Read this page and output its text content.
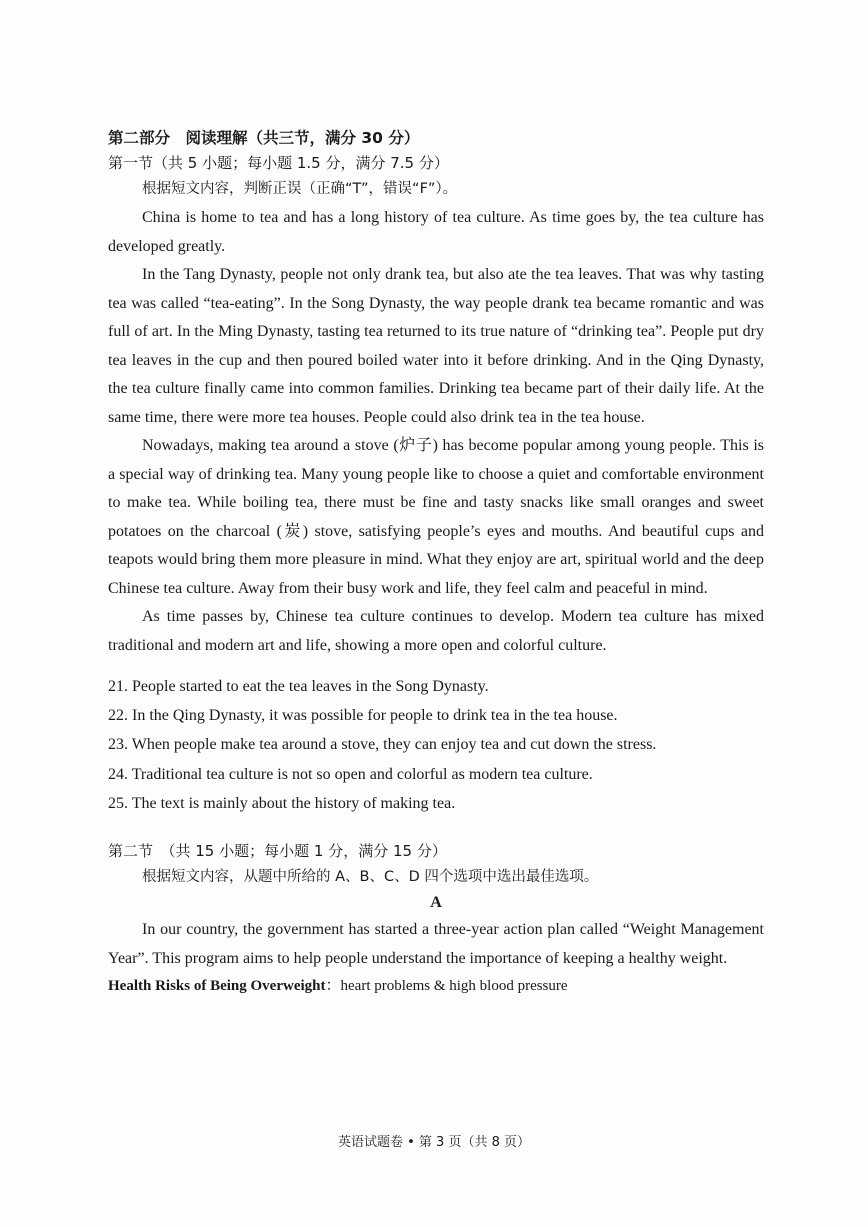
第二部分　阅读理解（共三节，满分 30 分）

第一节（共 5 小题；每小题 1.5 分，满分 7.5 分）

根据短文内容，判断正误（正确“T”，错误“F”）。

China is home to tea and has a long history of tea culture. As time goes by, the tea culture has developed greatly.

In the Tang Dynasty, people not only drank tea, but also ate the tea leaves. That was why tasting tea was called “tea-eating”. In the Song Dynasty, the way people drank tea became romantic and was full of art. In the Ming Dynasty, tasting tea returned to its true nature of “drinking tea”. People put dry tea leaves in the cup and then poured boiled water into it before drinking. And in the Qing Dynasty, the tea culture finally came into common families. Drinking tea became part of their daily life. At the same time, there were more tea houses. People could also drink tea in the tea house.

Nowadays, making tea around a stove (炉子) has become popular among young people. This is a special way of drinking tea. Many young people like to choose a quiet and comfortable environment to make tea. While boiling tea, there must be fine and tasty snacks like small oranges and sweet potatoes on the charcoal (炭) stove, satisfying people’s eyes and mouths. And beautiful cups and teapots would bring them more pleasure in mind. What they enjoy are art, spiritual world and the deep Chinese tea culture. Away from their busy work and life, they feel calm and peaceful in mind.

As time passes by, Chinese tea culture continues to develop. Modern tea culture has mixed traditional and modern art and life, showing a more open and colorful culture.

21. People started to eat the tea leaves in the Song Dynasty.

22. In the Qing Dynasty, it was possible for people to drink tea in the tea house.

23. When people make tea around a stove, they can enjoy tea and cut down the stress.

24. Traditional tea culture is not so open and colorful as modern tea culture.

25. The text is mainly about the history of making tea.

第二节　（共 15 小题；每小题 1 分，满分 15 分）

根据短文内容，从题中所给的 A、B、C、D 四个选项中选出最佳选项。

A

In our country, the government has started a three-year action plan called “Weight Management Year”. This program aims to help people understand the importance of keeping a healthy weight.

Health Risks of Being Overweight：heart problems & high blood pressure

英语试题卷 • 第 3 页（共 8 页）
